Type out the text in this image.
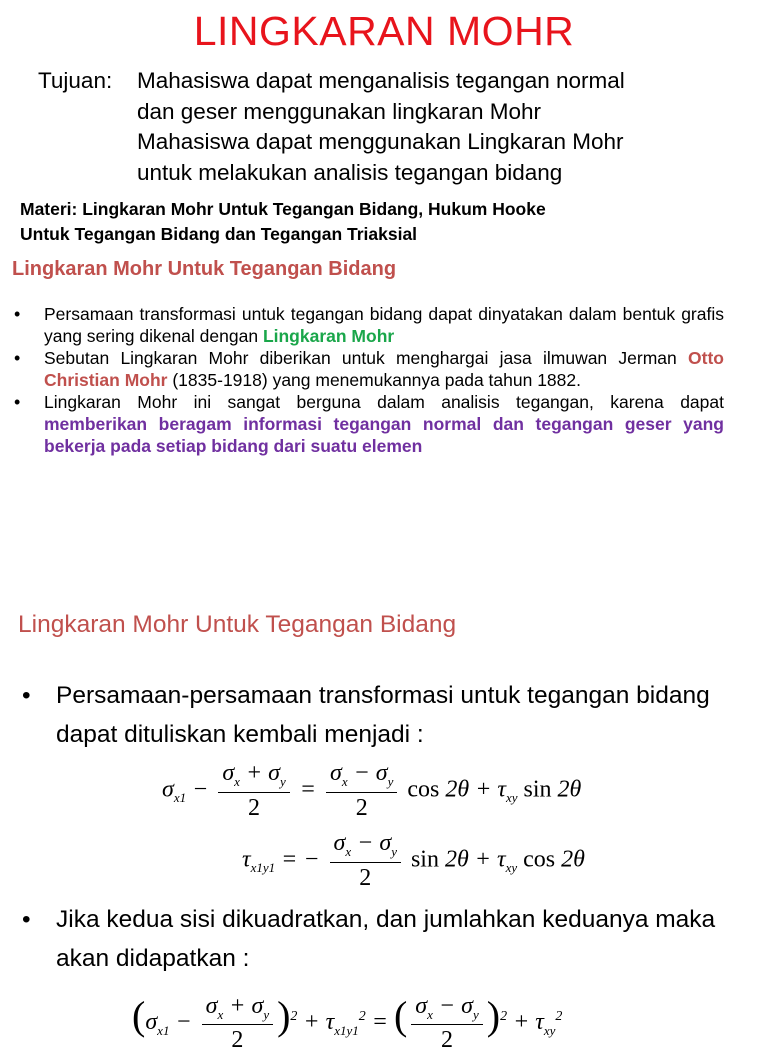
LINGKARAN MOHR
Tujuan: Mahasiswa dapat menganalisis tegangan normal
dan geser menggunakan lingkaran Mohr
Mahasiswa dapat menggunakan Lingkaran Mohr
untuk melakukan analisis tegangan bidang
Materi: Lingkaran Mohr Untuk Tegangan Bidang, Hukum Hooke
Untuk Tegangan Bidang dan Tegangan Triaksial
Lingkaran Mohr Untuk Tegangan Bidang
• Persamaan transformasi untuk tegangan bidang dapat dinyatakan dalam bentuk grafis yang sering dikenal dengan Lingkaran Mohr
• Sebutan Lingkaran Mohr diberikan untuk menghargai jasa ilmuwan Jerman Otto Christian Mohr (1835-1918) yang menemukannya pada tahun 1882.
• Lingkaran Mohr ini sangat berguna dalam analisis tegangan, karena dapat memberikan beragam informasi tegangan normal dan tegangan geser yang bekerja pada setiap bidang dari suatu elemen
Lingkaran Mohr Untuk Tegangan Bidang
• Persamaan-persamaan transformasi untuk tegangan bidang dapat dituliskan kembali menjadi :
$\sigma_{x1} - \frac{\sigma_x + \sigma_y}{2} = \frac{\sigma_x - \sigma_y}{2}$ $\cos 2\theta + \tau_{xy}$ sin 2θ
$\tau_{x1y1}$ = − $\frac{\sigma_x - \sigma_y}{2}$ $\sin 2\theta + \tau_{xy}$ cos 2θ
• Jika kedua sisi dikuadratkan, dan jumlahkan keduanya maka akan didapatkan :
$(\sigma_{x1} - \frac{\sigma_x + \sigma_y}{2} )^2 + \tau_{x1y1}^2$ = ( $\frac{\sigma_x - \sigma_y}{2} )^2 + \tau_{xy}^2$
